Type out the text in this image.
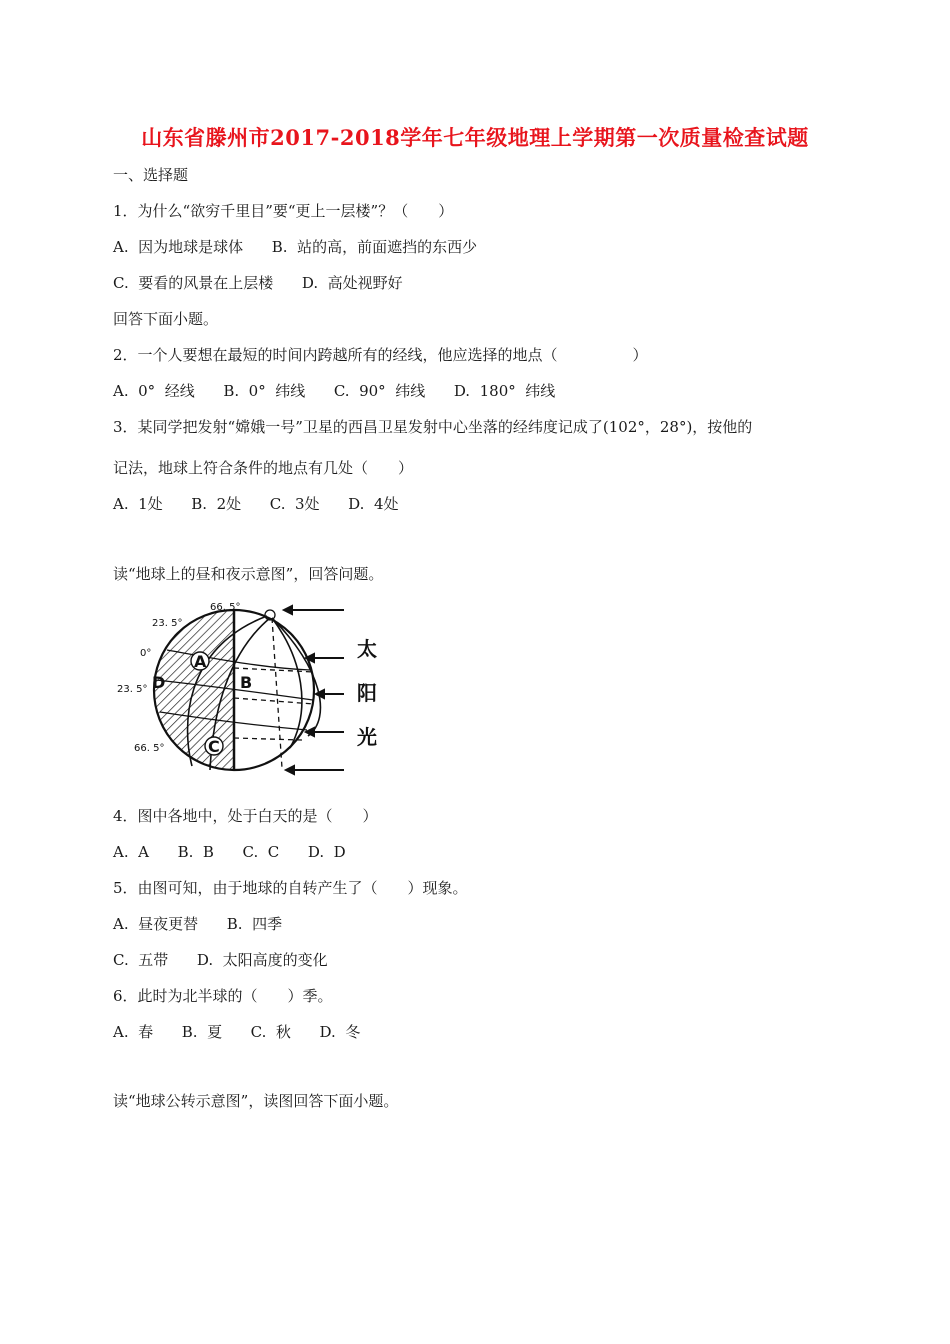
山东省滕州市2017-2018学年七年级地理上学期第一次质量检查试题
一、选择题
1．为什么“欲穷千里目”要“更上一层楼”？（　　）
A.  因为地球是球体      B.  站的高，前面遮挡的东西少
C.  要看的风景在上层楼      D.  高处视野好
回答下面小题。
2．一个人要想在最短的时间内跨越所有的经线，他应选择的地点（　　　　　）
A.  0°  经线      B.  0°  纬线      C.  90°  纬线      D.  180°  纬线
3．某同学把发射“嫦娥一号”卫星的西昌卫星发射中心坐落的经纬度记成了(102°，28°)，按他的
记法，地球上符合条件的地点有几处（　　）
A.  1处      B.  2处      C.  3处      D.  4处
读“地球上的昼和夜示意图”，回答问题。
23. 5°
66. 5°
0°
23. 5°
66. 5°
A
B
C
D
太
阳
光
4．图中各地中，处于白天的是（　　）
A.  A      B.  B      C.  C      D.  D
5．由图可知，由于地球的自转产生了（　　）现象。
A.  昼夜更替      B.  四季
C.  五带      D.  太阳高度的变化
6．此时为北半球的（　　）季。
A.  春      B.  夏      C.  秋      D.  冬
读“地球公转示意图”，读图回答下面小题。
